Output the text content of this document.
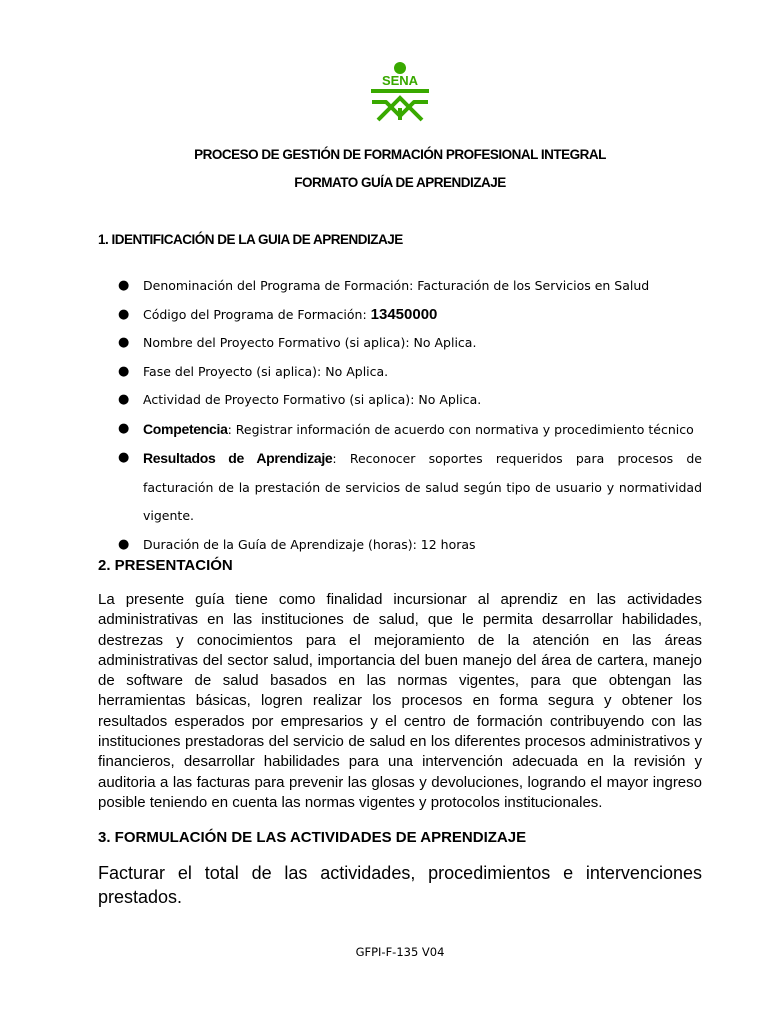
SENA
PROCESO DE GESTIÓN DE FORMACIÓN PROFESIONAL INTEGRAL
FORMATO GUÍA DE APRENDIZAJE
1. IDENTIFICACIÓN DE LA GUIA DE APRENDIZAJE
● Denominación del Programa de Formación: Facturación de los Servicios en Salud
● Código del Programa de Formación: 13450000
● Nombre del Proyecto Formativo (si aplica): No Aplica.
● Fase del Proyecto (si aplica): No Aplica.
● Actividad de Proyecto Formativo (si aplica): No Aplica.
● Competencia: Registrar información de acuerdo con normativa y procedimiento técnico
● Resultados de Aprendizaje: Reconocer soportes requeridos para procesos de facturación de la prestación de servicios de salud según tipo de usuario y normatividad vigente.
● Duración de la Guía de Aprendizaje (horas): 12 horas
2. PRESENTACIÓN

La presente guía tiene como finalidad incursionar al aprendiz en las actividades administrativas en las instituciones de salud, que le permita desarrollar habilidades, destrezas y conocimientos para el mejoramiento de la atención en las áreas administrativas del sector salud, importancia del buen manejo del área de cartera, manejo de software de salud basados en las normas vigentes, para que obtengan las herramientas básicas, logren realizar los procesos en forma segura y obtener los resultados esperados por empresarios y el centro de formación contribuyendo con las instituciones prestadoras del servicio de salud en los diferentes procesos administrativos y financieros, desarrollar habilidades para una intervención adecuada en la revisión y auditoria a las facturas para prevenir las glosas y devoluciones, logrando el mayor ingreso posible teniendo en cuenta las normas vigentes y protocolos institucionales.

3. FORMULACIÓN DE LAS ACTIVIDADES DE APRENDIZAJE

Facturar el total de las actividades, procedimientos e intervenciones prestados.

GFPI-F-135 V04
